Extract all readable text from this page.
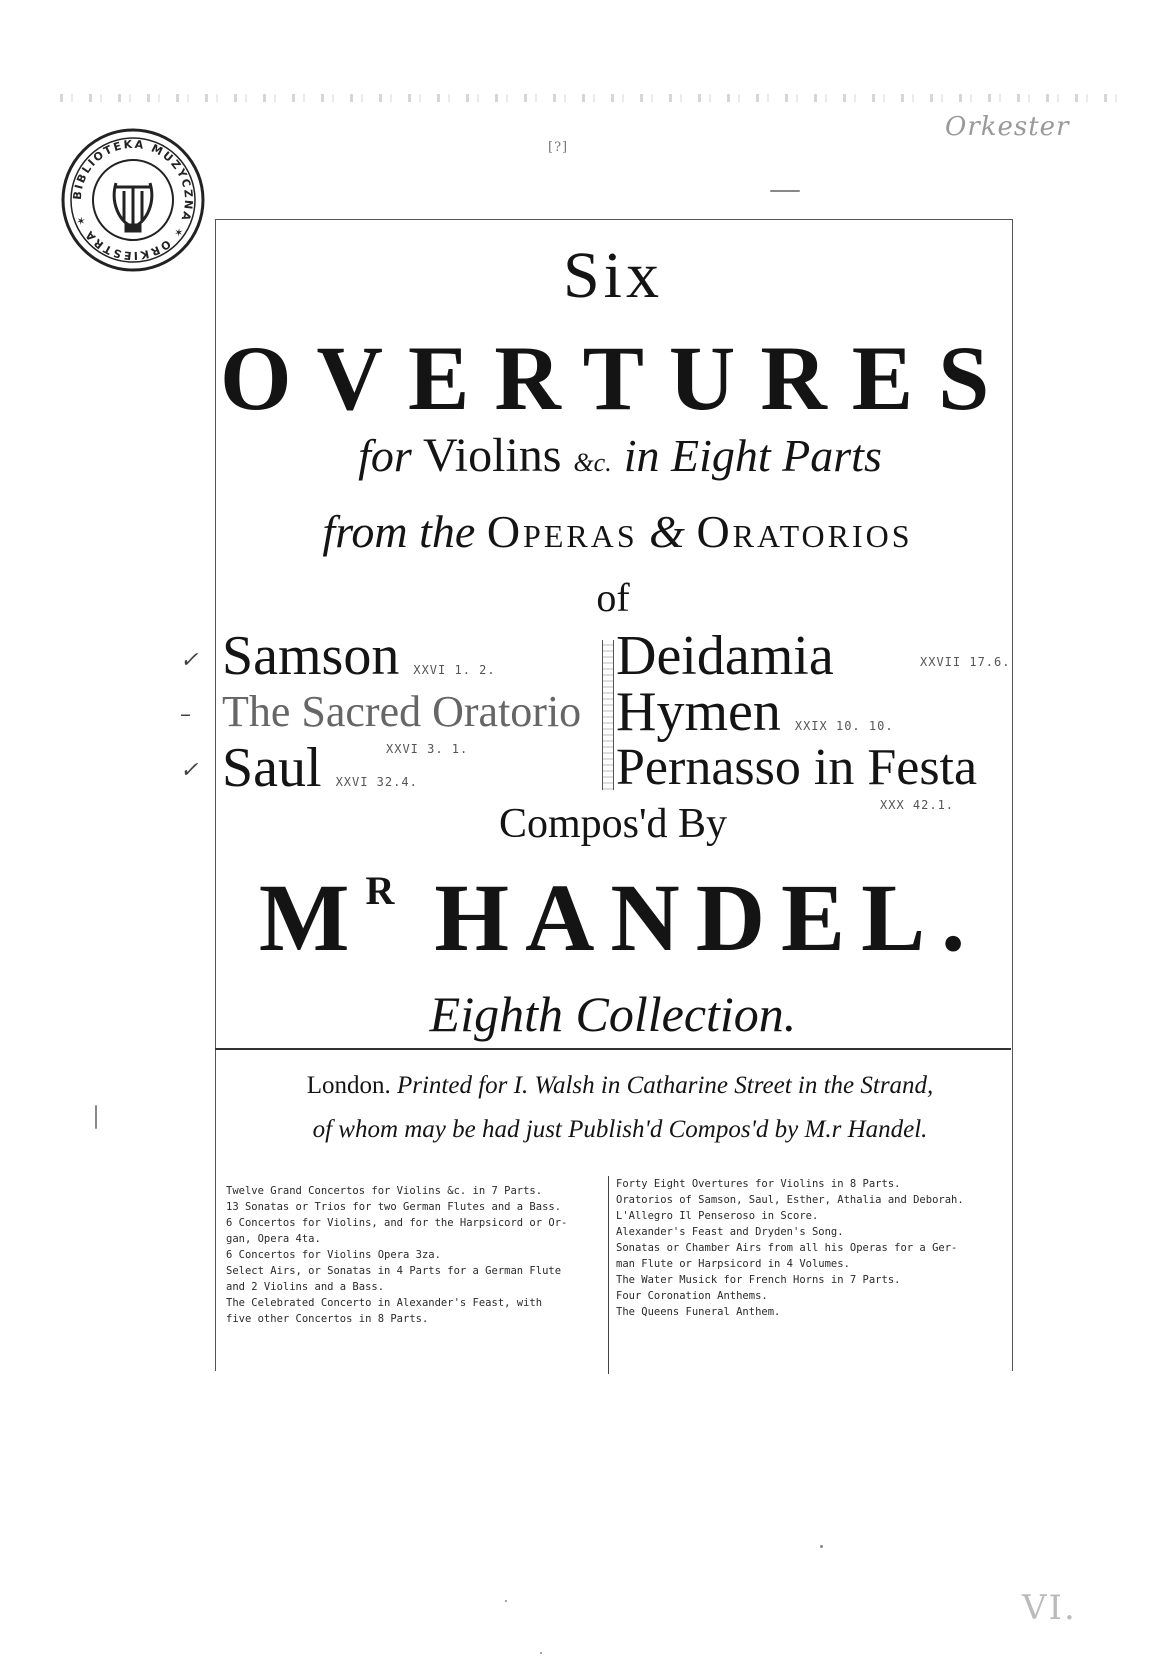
BIBLIOTEKA MUZYCZNA ✶ ORKIESTRA ✶
[?]
Orkester
Six
OVERTURES
for Violins &c. in Eight Parts
from the Operas & Oratorios
of
✓ Samson XXVI 1. 2.
– The Sacred Oratorio
XXVI 3. 1.
✓ Saul XXVI 32.4.
Deidamia	XXVII 17.6.
Hymen XXIX 10. 10.
Pernasso in Festa
XXX 42.1.
Compos'd By
$M^R$ HANDEL.
Eighth Collection.
London. Printed for I. Walsh in Catharine Street in the Strand,
of whom may be had just Publish'd Compos'd by M.r Handel.
Twelve Grand Concertos for Violins &c. in 7 Parts.
13 Sonatas or Trios for two German Flutes and a Bass.
6 Concertos for Violins, and for the Harpsicord or Or-
gan, Opera 4ta.
6 Concertos for Violins Opera 3za.
Select Airs, or Sonatas in 4 Parts for a German Flute
and 2 Violins and a Bass.
The Celebrated Concerto in Alexander's Feast, with
five other Concertos in 8 Parts.
Forty Eight Overtures for Violins in 8 Parts.
Oratorios of Samson, Saul, Esther, Athalia and Deborah.
L'Allegro Il Penseroso in Score.
Alexander's Feast and Dryden's Song.
Sonatas or Chamber Airs from all his Operas for a Ger-
man Flute or Harpsicord in 4 Volumes.
The Water Musick for French Horns in 7 Parts.
Four Coronation Anthems.
The Queens Funeral Anthem.
VI.
